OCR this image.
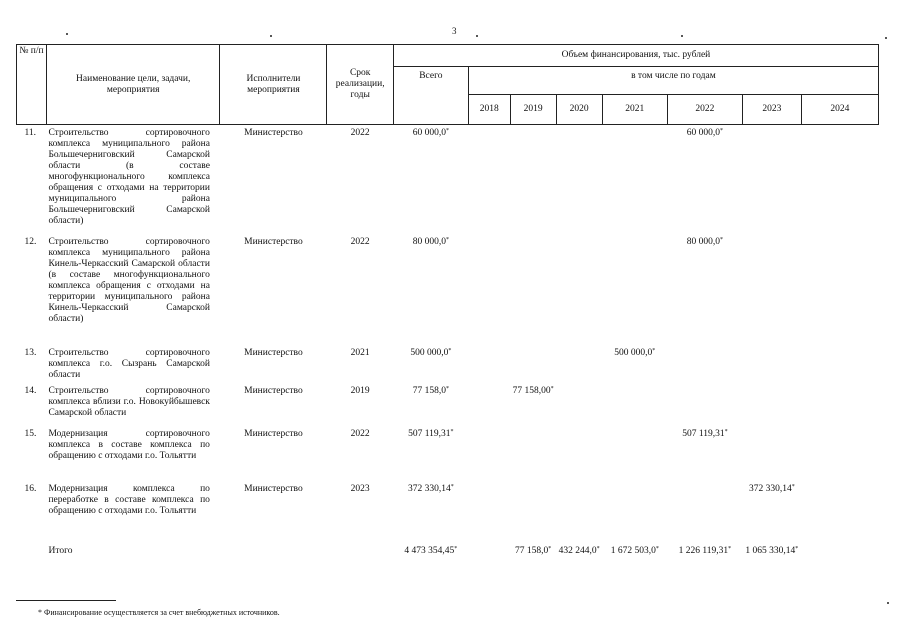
3
№ п/п	Наименование цели, задачи, мероприятия	Исполнители мероприятия	Срок реализации, годы	Объем финансирования, тыс. рублей							
				Всего	в том числе по годам						
					2018	2019	2020	2021	2022	2023	2024
11.	Строительство сортировочного комплекса муниципального района Большечерниговский Самарской области (в составе многофункционального комплекса обращения с отходами на территории муниципального района Большечерниговский Самарской области)	Министерство	2022	60 000,0*					60 000,0*		
12.	Строительство сортировочного комплекса муниципального района Кинель-Черкасский Самарской области (в составе многофункционального комплекса обращения с отходами на территории муниципального района Кинель-Черкасский Самарской области)	Министерство	2022	80 000,0*					80 000,0*		
13.	Строительство сортировочного комплекса г.о. Сызрань Самарской области	Министерство	2021	500 000,0*				500 000,0*			
14.	Строительство сортировочного комплекса вблизи г.о. Новокуйбышевск Самарской области	Министерство	2019	77 158,0*		77 158,00*					
15.	Модернизация сортировочного комплекса в составе комплекса по обращению с отходами г.о. Тольятти	Министерство	2022	507 119,31*					507 119,31*		
16.	Модернизация комплекса по переработке в составе комплекса по обращению с отходами г.о. Тольятти	Министерство	2023	372 330,14*						372 330,14*	
	Итого			4 473 354,45*		77 158,0*	432 244,0*	1 672 503,0*	1 226 119,31*	1 065 330,14*	
* Финансирование осуществляется за счет внебюджетных источников.
